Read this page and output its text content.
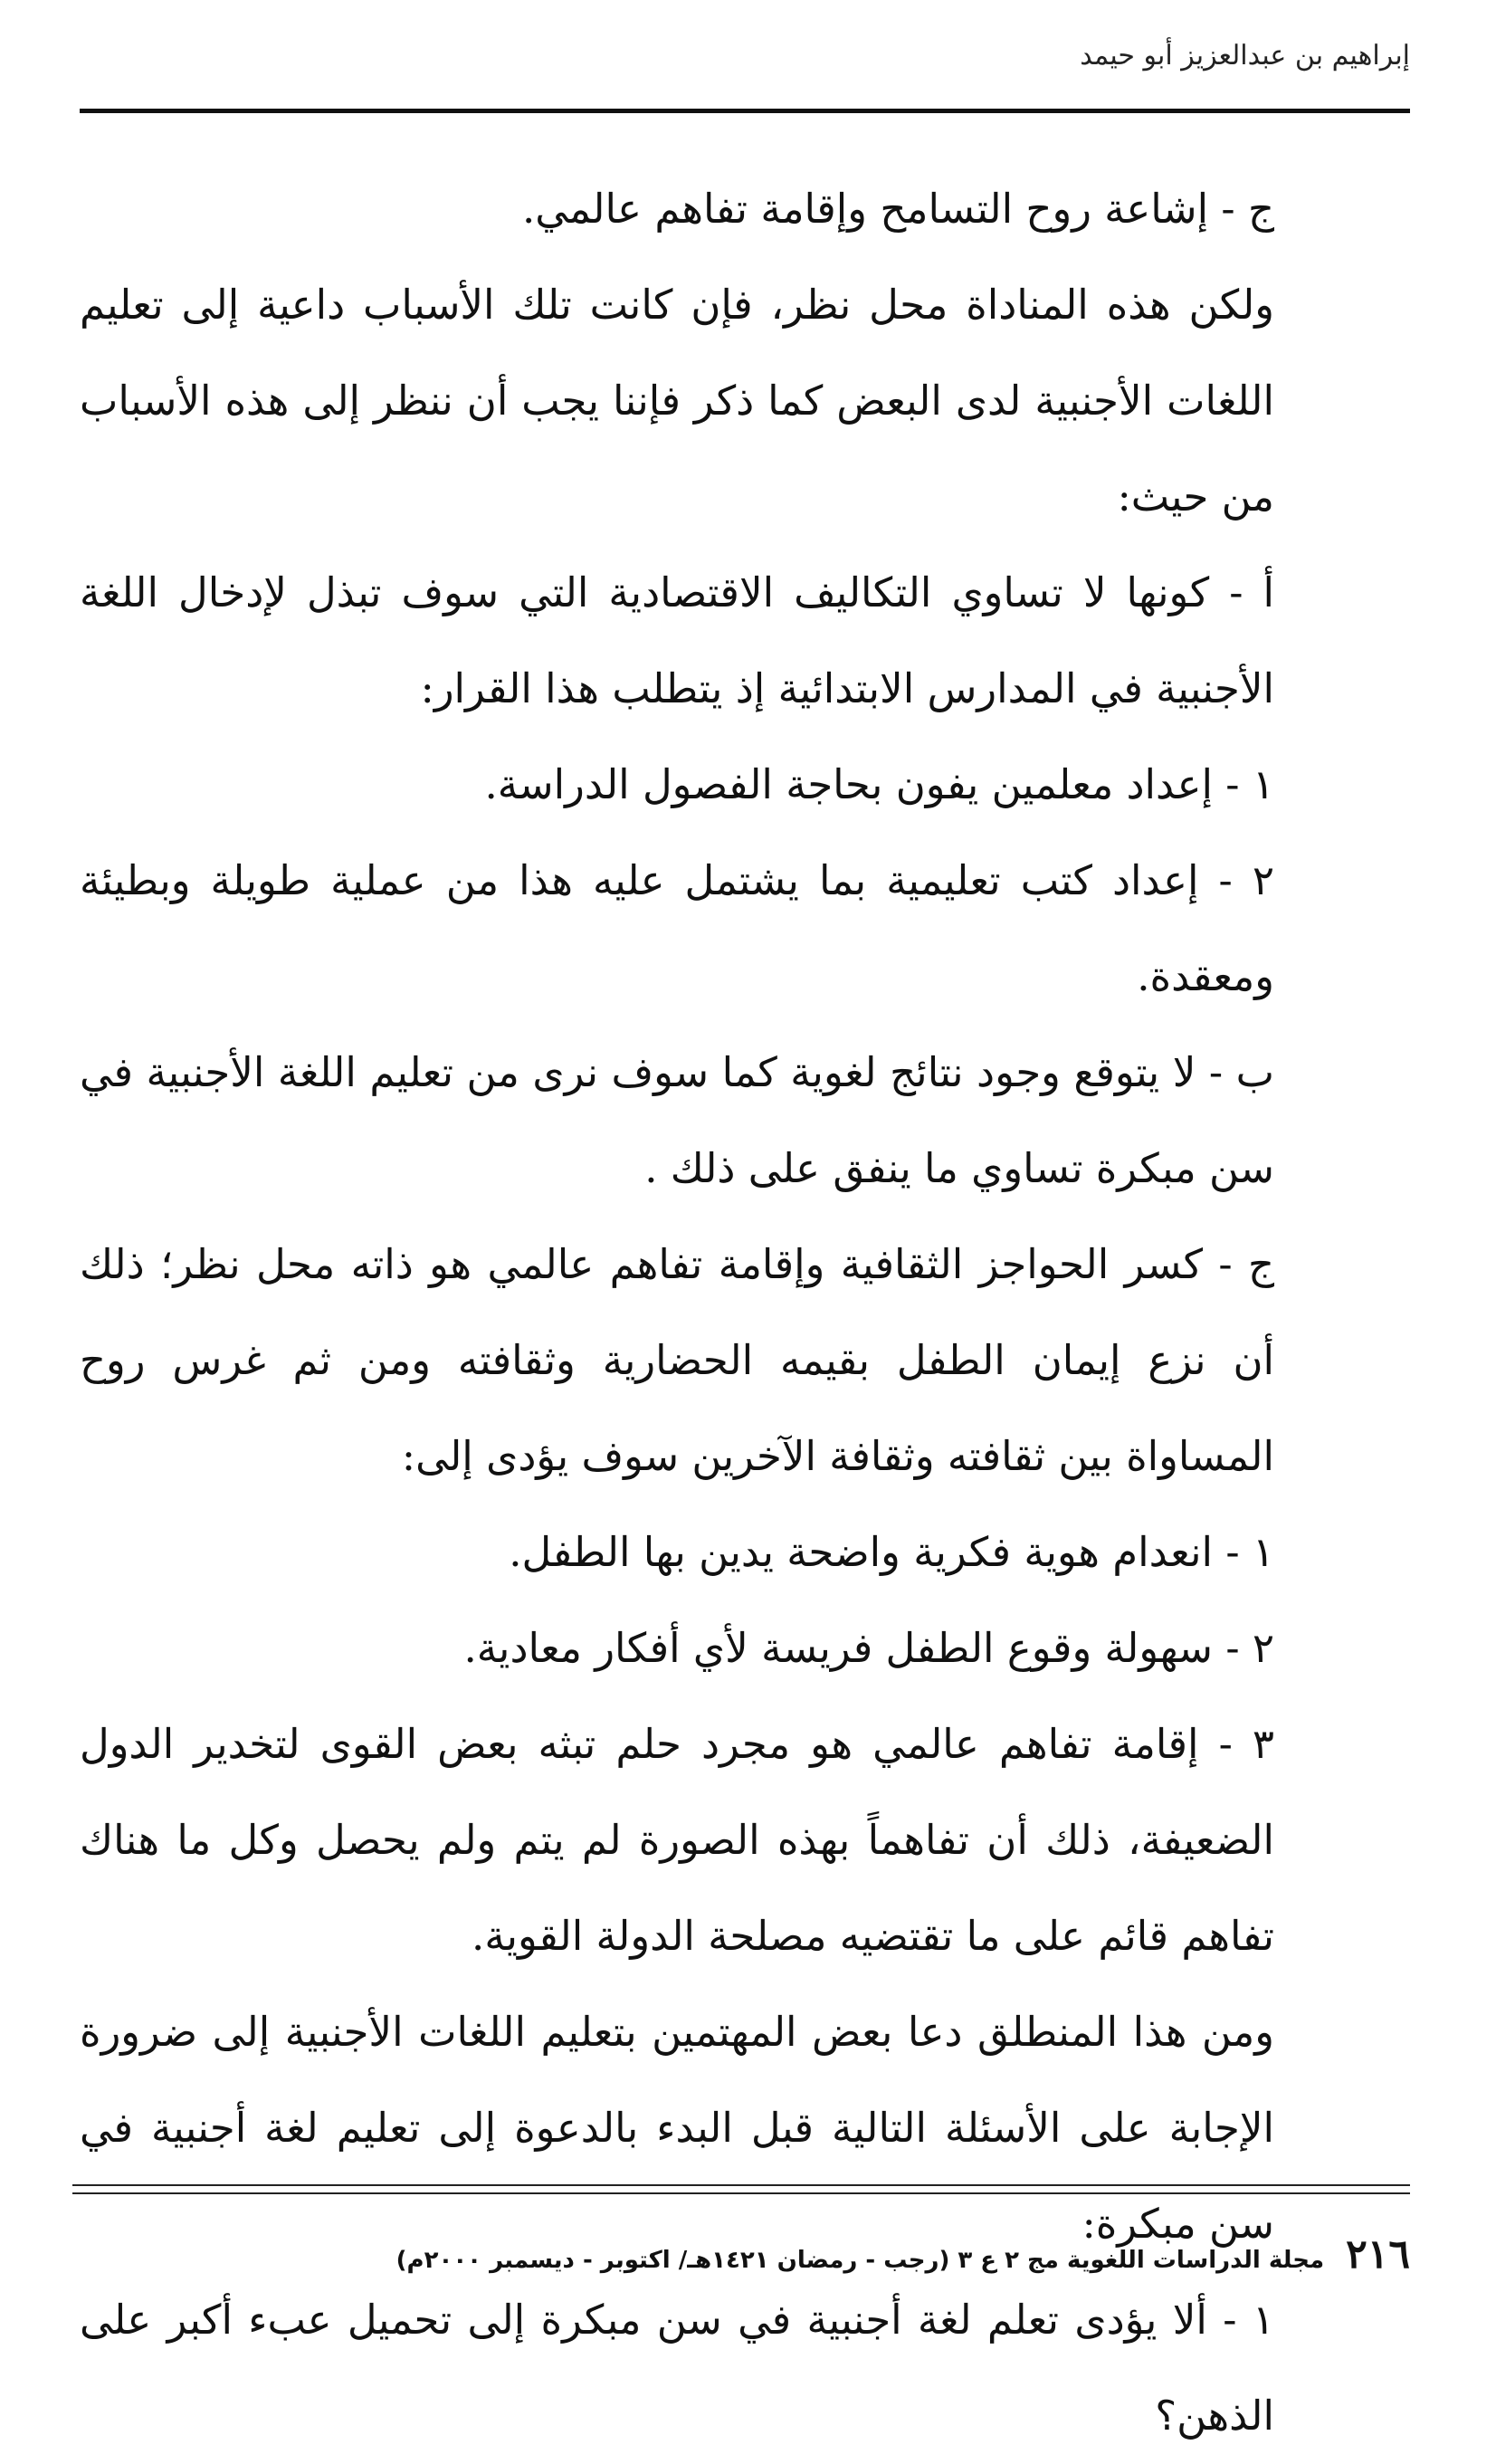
إبراهيم بن عبدالعزيز أبو حيمد

ج - إشاعة روح التسامح وإقامة تفاهم عالمي.

ولكن هذه المناداة محل نظر، فإن كانت تلك الأسباب داعية إلى تعليم اللغات الأجنبية لدى البعض كما ذكر فإننا يجب أن ننظر إلى هذه الأسباب من حيث:

أ - كونها لا تساوي التكاليف الاقتصادية التي سوف تبذل لإدخال اللغة الأجنبية في المدارس الابتدائية إذ يتطلب هذا القرار:

١ - إعداد معلمين يفون بحاجة الفصول الدراسة.

٢ - إعداد كتب تعليمية بما يشتمل عليه هذا من عملية طويلة وبطيئة ومعقدة.

ب - لا يتوقع وجود نتائج لغوية كما سوف نرى من تعليم اللغة الأجنبية في سن مبكرة تساوي ما ينفق على ذلك .

ج - كسر الحواجز الثقافية وإقامة تفاهم عالمي هو ذاته محل نظر؛ ذلك أن نزع إيمان الطفل بقيمه الحضارية وثقافته ومن ثم غرس روح المساواة بين ثقافته وثقافة الآخرين سوف يؤدى إلى:

١ - انعدام هوية فكرية واضحة يدين بها الطفل.

٢ - سهولة وقوع الطفل فريسة لأي أفكار معادية.

٣ - إقامة تفاهم عالمي هو مجرد حلم تبثه بعض القوى لتخدير الدول الضعيفة، ذلك أن تفاهماً بهذه الصورة لم يتم ولم يحصل وكل ما هناك تفاهم قائم على ما تقتضيه مصلحة الدولة القوية.

ومن هذا المنطلق دعا بعض المهتمين بتعليم اللغات الأجنبية إلى ضرورة الإجابة على الأسئلة التالية قبل البدء بالدعوة إلى تعليم لغة أجنبية في سن مبكرة:

١ - ألا يؤدى تعلم لغة أجنبية في سن مبكرة إلى تحميل عبء أكبر على الذهن؟

٢١٦
مجلة الدراسات اللغوية مج ٢ ع ٣ (رجب - رمضان ١٤٢١هـ/ اكتوبر - ديسمبر ٢٠٠٠م)
